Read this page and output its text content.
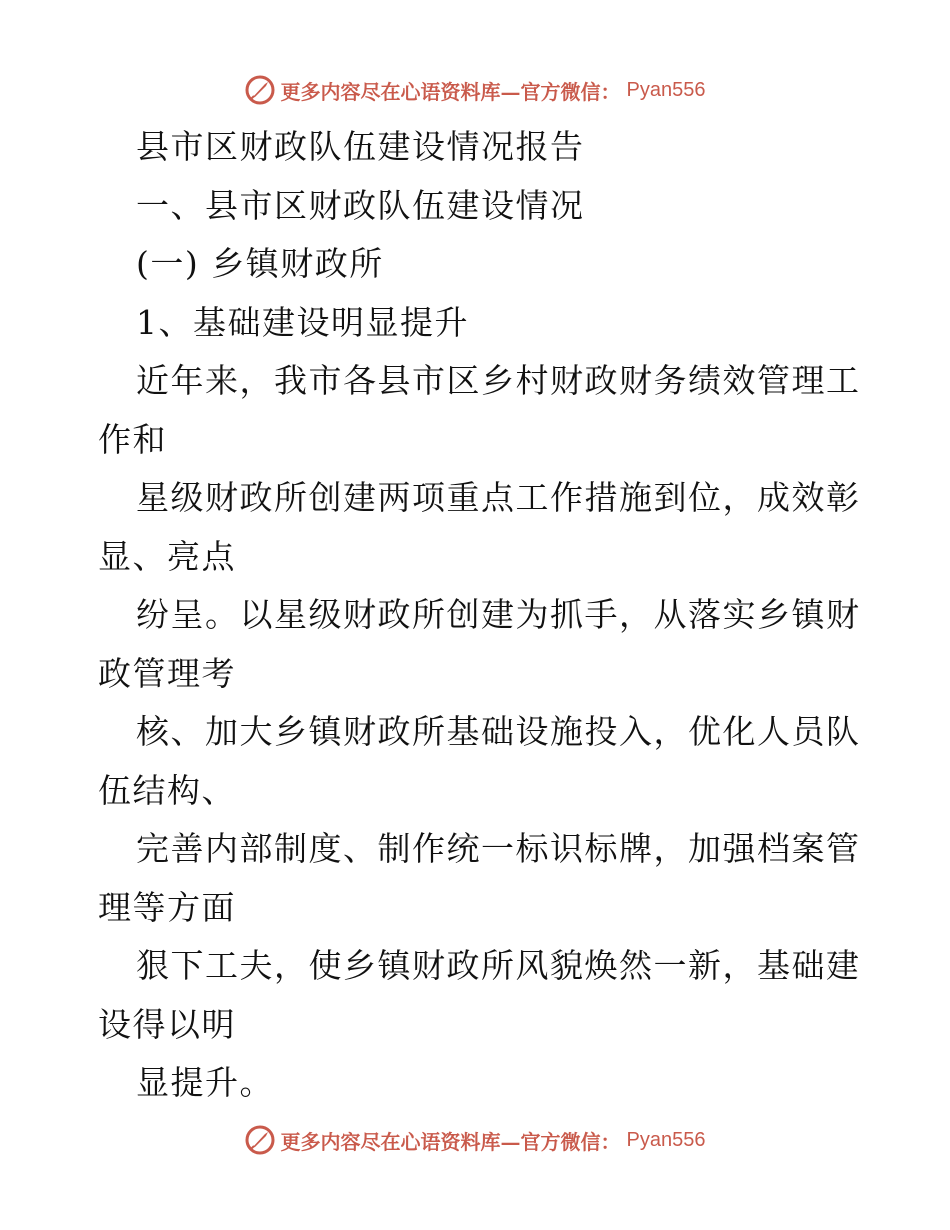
更多内容尽在心语资料库—官方微信： Pyan556
县市区财政队伍建设情况报告
一、县市区财政队伍建设情况
(一) 乡镇财政所
1、基础建设明显提升
近年来，我市各县市区乡村财政财务绩效管理工
作和
星级财政所创建两项重点工作措施到位，成效彰
显、亮点
纷呈。以星级财政所创建为抓手，从落实乡镇财
政管理考
核、加大乡镇财政所基础设施投入，优化人员队
伍结构、
完善内部制度、制作统一标识标牌，加强档案管
理等方面
狠下工夫，使乡镇财政所风貌焕然一新，基础建
设得以明
显提升。
更多内容尽在心语资料库—官方微信： Pyan556
